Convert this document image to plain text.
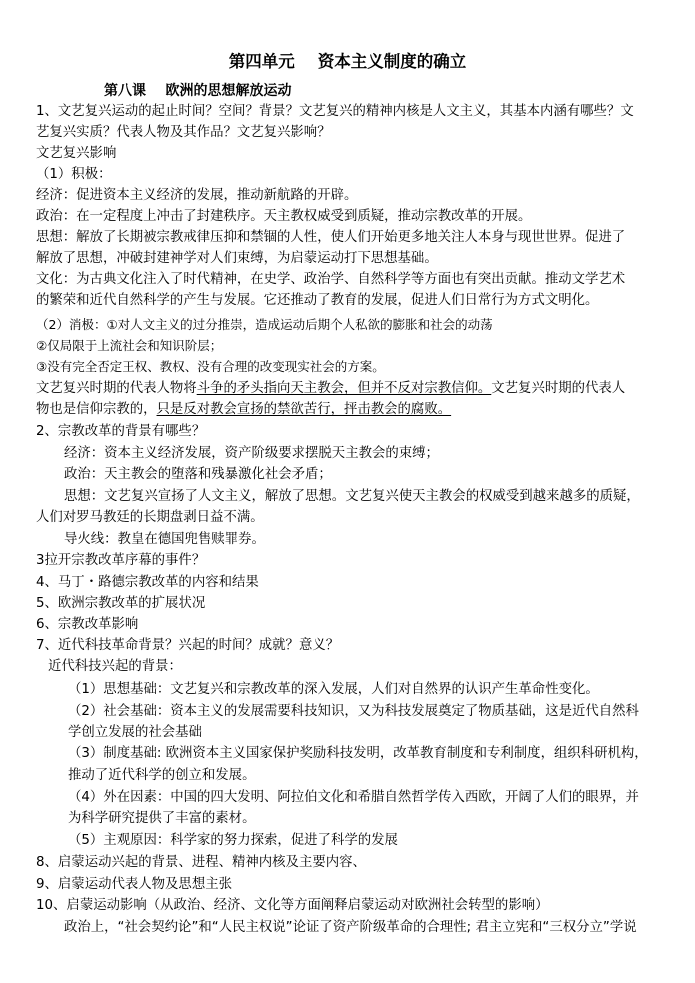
第四单元    资本主义制度的确立
第八课    欧洲的思想解放运动
1、文艺复兴运动的起止时间？空间？背景？文艺复兴的精神内核是人文主义，其基本内涵有哪些？文
艺复兴实质？代表人物及其作品？文艺复兴影响？
文艺复兴影响
（1）积极：
经济：促进资本主义经济的发展，推动新航路的开辟。
政治：在一定程度上冲击了封建秩序。天主教权威受到质疑，推动宗教改革的开展。
思想：解放了长期被宗教戒律压抑和禁锢的人性，使人们开始更多地关注人本身与现世世界。促进了
解放了思想，冲破封建神学对人们束缚，为启蒙运动打下思想基础。
文化：为古典文化注入了时代精神，在史学、政治学、自然科学等方面也有突出贡献。推动文学艺术
的繁荣和近代自然科学的产生与发展。它还推动了教育的发展，促进人们日常行为方式文明化。
（2）消极：①对人文主义的过分推崇，造成运动后期个人私欲的膨胀和社会的动荡
②仅局限于上流社会和知识阶层；
③没有完全否定王权、教权、没有合理的改变现实社会的方案。
文艺复兴时期的代表人物将斗争的矛头指向天主教会，但并不反对宗教信仰。文艺复兴时期的代表人
物也是信仰宗教的，只是反对教会宣扬的禁欲苦行，抨击教会的腐败。
2、宗教改革的背景有哪些？
经济：资本主义经济发展，资产阶级要求摆脱天主教会的束缚；
政治：天主教会的堕落和残暴激化社会矛盾；
思想：文艺复兴宣扬了人文主义，解放了思想。文艺复兴使天主教会的权威受到越来越多的质疑，
人们对罗马教廷的长期盘剥日益不满。
导火线：教皇在德国兜售赎罪券。
3拉开宗教改革序幕的事件？
4、马丁・路德宗教改革的内容和结果
5、欧洲宗教改革的扩展状况
6、宗教改革影响
7、近代科技革命背景？兴起的时间？成就？意义？
近代科技兴起的背景：
（1）思想基础：文艺复兴和宗教改革的深入发展，人们对自然界的认识产生革命性变化。
（2）社会基础：资本主义的发展需要科技知识，又为科技发展奠定了物质基础，这是近代自然科
学创立发展的社会基础
（3）制度基础: 欧洲资本主义国家保护奖励科技发明，改革教育制度和专利制度，组织科研机构，
推动了近代科学的创立和发展。
（4）外在因素：中国的四大发明、阿拉伯文化和希腊自然哲学传入西欧，开阔了人们的眼界，并
为科学研究提供了丰富的素材。
（5）主观原因：科学家的努力探索，促进了科学的发展
8、启蒙运动兴起的背景、进程、精神内核及主要内容、
9、启蒙运动代表人物及思想主张
10、启蒙运动影响（从政治、经济、文化等方面阐释启蒙运动对欧洲社会转型的影响）
政治上，“社会契约论”和“人民主权说”论证了资产阶级革命的合理性; 君主立宪和“三权分立”学说
